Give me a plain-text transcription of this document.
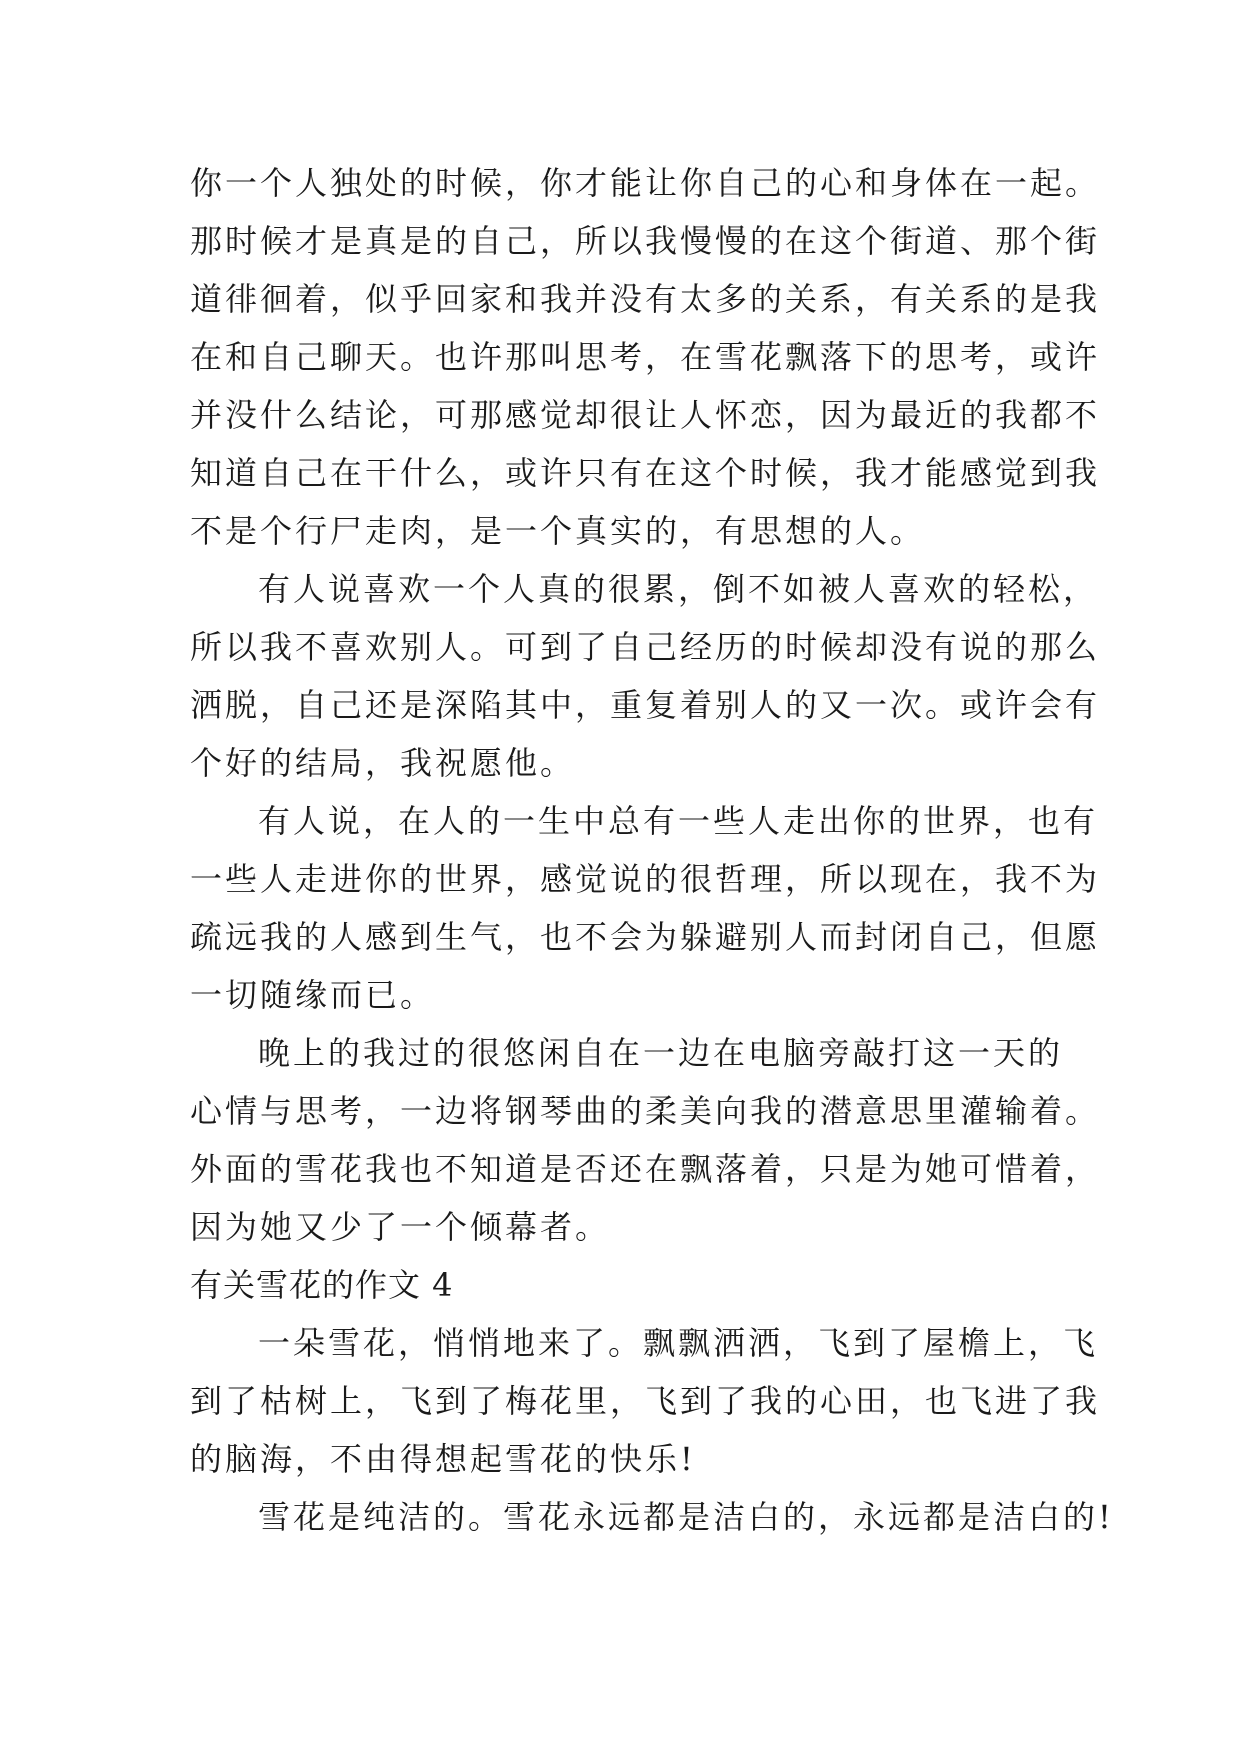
你一个人独处的时候，你才能让你自己的心和身体在一起。
那时候才是真是的自己，所以我慢慢的在这个街道、那个街
道徘徊着，似乎回家和我并没有太多的关系，有关系的是我
在和自己聊天。也许那叫思考，在雪花飘落下的思考，或许
并没什么结论，可那感觉却很让人怀恋，因为最近的我都不
知道自己在干什么，或许只有在这个时候，我才能感觉到我
不是个行尸走肉，是一个真实的，有思想的人。
有人说喜欢一个人真的很累，倒不如被人喜欢的轻松，
所以我不喜欢别人。可到了自己经历的时候却没有说的那么
洒脱，自己还是深陷其中，重复着别人的又一次。或许会有
个好的结局，我祝愿他。
有人说，在人的一生中总有一些人走出你的世界，也有
一些人走进你的世界，感觉说的很哲理，所以现在，我不为
疏远我的人感到生气，也不会为躲避别人而封闭自己，但愿
一切随缘而已。
晚上的我过的很悠闲自在一边在电脑旁敲打这一天的
心情与思考，一边将钢琴曲的柔美向我的潜意思里灌输着。
外面的雪花我也不知道是否还在飘落着，只是为她可惜着，
因为她又少了一个倾幕者。
有关雪花的作文 4
一朵雪花，悄悄地来了。飘飘洒洒，飞到了屋檐上，飞
到了枯树上，飞到了梅花里，飞到了我的心田，也飞进了我
的脑海，不由得想起雪花的快乐!
雪花是纯洁的。雪花永远都是洁白的，永远都是洁白的!
